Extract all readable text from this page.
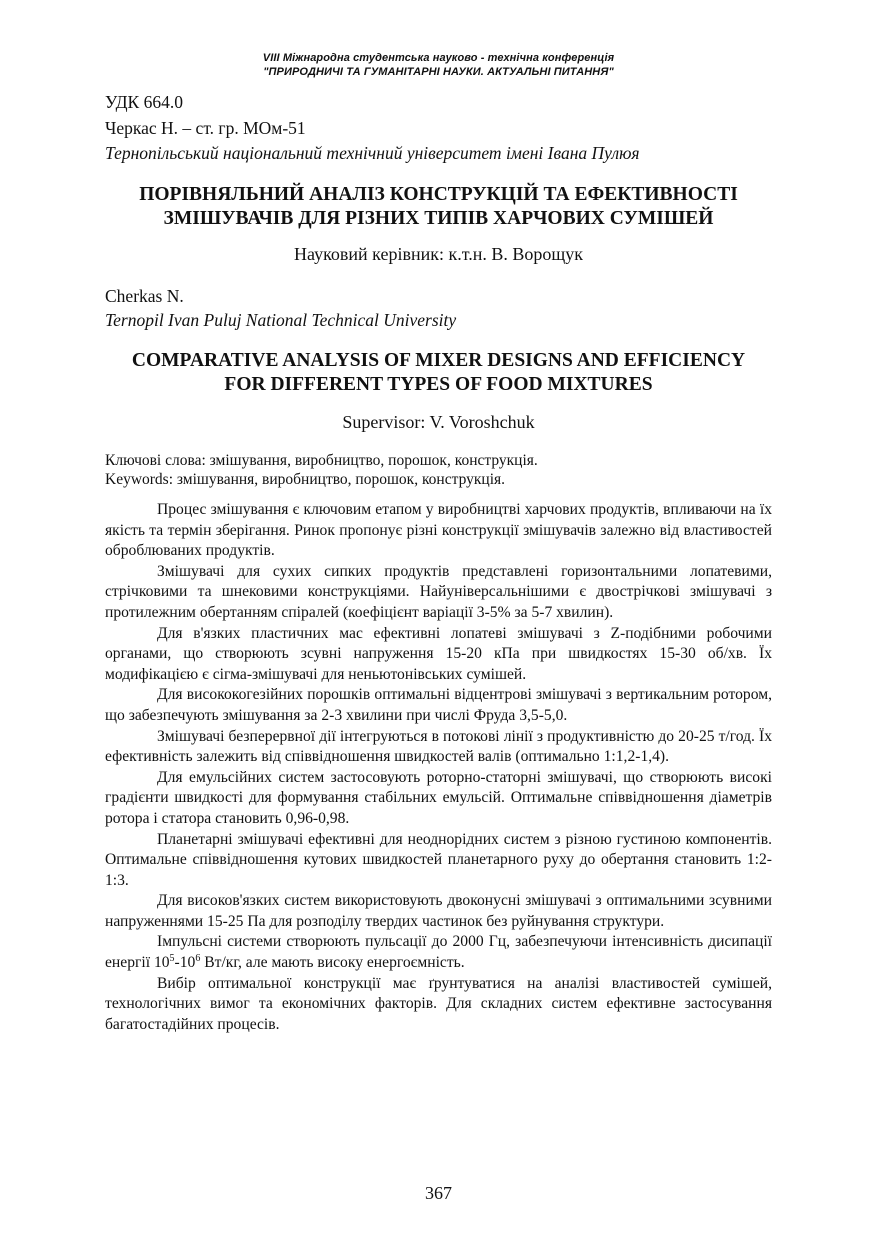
VIII Міжнародна студентська науково - технічна конференція
"ПРИРОДНИЧІ ТА ГУМАНІТАРНІ НАУКИ. АКТУАЛЬНІ ПИТАННЯ"
УДК 664.0
Черкас Н. – ст. гр. МОм-51
Тернопільський національний технічний університет імені Івана Пулюя
ПОРІВНЯЛЬНИЙ АНАЛІЗ КОНСТРУКЦІЙ ТА ЕФЕКТИВНОСТІ
ЗМІШУВАЧІВ ДЛЯ РІЗНИХ ТИПІВ ХАРЧОВИХ СУМІШЕЙ
Науковий керівник: к.т.н. В. Ворощук
Cherkas N.
Ternopil Ivan Puluj National Technical University
COMPARATIVE ANALYSIS OF MIXER DESIGNS AND EFFICIENCY
FOR DIFFERENT TYPES OF FOOD MIXTURES
Supervisor: V. Voroshchuk
Ключові слова: змішування, виробництво, порошок, конструкція.
Keywords: змішування, виробництво, порошок, конструкція.

Процес змішування є ключовим етапом у виробництві харчових продуктів, впливаючи на їх якість та термін зберігання. Ринок пропонує різні конструкції змішувачів залежно від властивостей оброблюваних продуктів.

Змішувачі для сухих сипких продуктів представлені горизонтальними лопатевими, стрічковими та шнековими конструкціями. Найуніверсальнішими є двострічкові змішувачі з протилежним обертанням спіралей (коефіцієнт варіації 3-5% за 5-7 хвилин).

Для в'язких пластичних мас ефективні лопатеві змішувачі з Z-подібними робочими органами, що створюють зсувні напруження 15-20 кПа при швидкостях 15-30 об/хв. Їх модифікацією є сігма-змішувачі для неньютонівських сумішей.

Для висококогезійних порошків оптимальні відцентрові змішувачі з вертикальним ротором, що забезпечують змішування за 2-3 хвилини при числі Фруда 3,5-5,0.

Змішувачі безперервної дії інтегруються в потокові лінії з продуктивністю до 20-25 т/год. Їх ефективність залежить від співвідношення швидкостей валів (оптимально 1:1,2-1,4).

Для емульсійних систем застосовують роторно-статорні змішувачі, що створюють високі градієнти швидкості для формування стабільних емульсій. Оптимальне співвідношення діаметрів ротора і статора становить 0,96-0,98.

Планетарні змішувачі ефективні для неоднорідних систем з різною густиною компонентів. Оптимальне співвідношення кутових швидкостей планетарного руху до обертання становить 1:2-1:3.

Для високов'язких систем використовують двоконусні змішувачі з оптимальними зсувними напруженнями 15-25 Па для розподілу твердих частинок без руйнування структури.

Імпульсні системи створюють пульсації до 2000 Гц, забезпечуючи інтенсивність дисипації енергії $10^5-10^6$ Вт/кг, але мають високу енергоємність.

Вибір оптимальної конструкції має ґрунтуватися на аналізі властивостей сумішей, технологічних вимог та економічних факторів. Для складних систем ефективне застосування багатостадійних процесів.

367
